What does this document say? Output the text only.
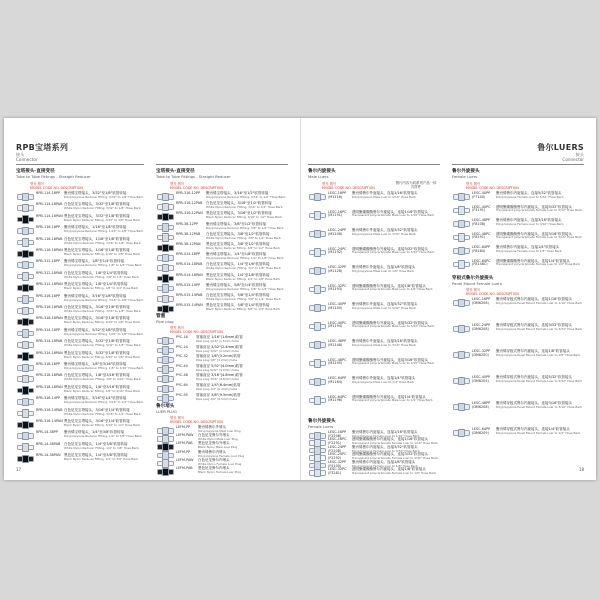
RPB宝塔系列
接头
Connector
宝塔接头-直接变径
Tube to Tube Fittings - Straight Reducer
型号 图号
MODEL CODE NO. DESCRIPTION
RPB-114-18PP	聚丙烯宝塔接头，3/32"至1/8"软管转接
Polypropylene Reducer Fitting, 3/32" to 1/8" Hose Barb
RPB-114-18PAB 白色尼龙宝塔接头，3/32"至1/8"软管转接
White Nylon Reducer Fitting, 3/32" to 1/8" Hose Barb
RPB-114-18PAN 黑色尼龙宝塔接头，3/32"至1/8"软管转接
Black Nylon Reducer Fitting, 3/32" to 1/8" Hose Barb
RPB-116-18PP	聚丙烯宝塔接头，1/16"至1/8"软管转接
Polypropylene Reducer Fitting, 1/16" to 1/8" Hose Barb
RPB-116-18PAB 白色尼龙宝塔接头，1/16"至1/8"软管转接
White Nylon Reducer Fitting, 1/16" to 1/8" Hose Barb
RPB-116-18PAN 黑色尼龙宝塔接头，1/16"至1/8"软管转接
Black Nylon Reducer Fitting, 1/16" to 1/8" Hose Barb
RPB-312-18PP	聚丙烯宝塔接头，1/8"至1/4"软管转接
Polypropylene Reducer Fitting, 1/8" to 1/4" Hose Barb
RPB-312-18PAB 白色尼龙宝塔接头，1/8"至1/4"软管转接
White Nylon Reducer Fitting, 1/8" to 1/4" Hose Barb
RPB-312-18PAN 黑色尼龙宝塔接头，1/8"至1/4"软管转接
Black Nylon Reducer Fitting, 1/8" to 1/4" Hose Barb
RPB-316-18PP	聚丙烯宝塔接头，3/16"至1/8"软管转接
Polypropylene Reducer Fitting, 3/16" to 1/8" Hose Barb
RPB-316-18PAB 白色尼龙宝塔接头，3/16"至1/8"软管转接
White Nylon Reducer Fitting, 3/16" to 1/8" Hose Barb
RPB-316-18PAN 黑色尼龙宝塔接头，3/16"至1/8"软管转接
Black Nylon Reducer Fitting, 3/16" to 1/8" Hose Barb
RPB-314-18PP	聚丙烯宝塔接头，5/32"至1/8"软管转接
Polypropylene Reducer Fitting, 5/32" to 1/8" Hose Barb
RPB-314-18PAB 白色尼龙宝塔接头，5/32"至1/8"软管转接
White Nylon Reducer Fitting, 5/32" to 1/8" Hose Barb
RPB-314-18PAN 黑色尼龙宝塔接头，5/32"至1/8"软管转接
Black Nylon Reducer Fitting, 5/32" to 1/8" Hose Barb
RPB-318-18PP	聚丙烯宝塔接头，1/8"至3/16"软管转接
Polypropylene Reducer Fitting, 1/8" to 3/16" Hose Barb
RPB-318-18PAB 白色尼龙宝塔接头，1/8"至3/16"软管转接
White Nylon Reducer Fitting, 1/8" to 3/16" Hose Barb
RPB-318-18PAN 黑色尼龙宝塔接头，1/8"至3/16"软管转接
Black Nylon Reducer Fitting, 1/8" to 3/16" Hose Barb
RPB-316-14PP	聚丙烯宝塔接头，3/16"至1/4"软管转接
Polypropylene Reducer Fitting, 3/16" to 1/4" Hose Barb
RPB-316-14PAB 白色尼龙宝塔接头，3/16"至1/4"软管转接
White Nylon Reducer Fitting, 3/16" to 1/4" Hose Barb
RPB-316-14PAN 黑色尼龙宝塔接头，3/16"至1/4"软管转接
Black Nylon Reducer Fitting, 3/16" to 1/4" Hose Barb
RPB-14-38PP	聚丙烯宝塔接头，1/4"至3/8"软管转接
Polypropylene Reducer Fitting, 1/4" to 3/8" Hose Barb
RPB-14-38PAB	白色尼龙宝塔接头，1/4"至3/8"软管转接
White Nylon Reducer Fitting, 1/4" to 3/8" Hose Barb
RPB-14-38PAN	黑色尼龙宝塔接头，1/4"至3/8"软管转接
Black Nylon Reducer Fitting, 1/4" to 3/8" Hose Barb
宝塔接头-直接变径
Tube to Tube Fittings - Straight Reducer
型号 图号
MODEL CODE NO. DESCRIPTION
RPB-316-12PP	聚丙烯宝塔接头，3/16"至1/2"软管转接
Polypropylene Reducer Fitting, 3/16" to 1/2" Hose Barb
RPB-316-12PAB	白色尼龙宝塔接头，3/16"至1/2"软管转接
White Nylon Reducer Fitting, 3/16" to 1/2" Hose Barb
RPB-316-12PAN 黑色尼龙宝塔接头，3/16"至1/2"软管转接
Black Nylon Reducer Fitting, 3/16" to 1/2" Hose Barb
RPB-38-12PP	聚丙烯宝塔接头，3/8"至1/2"软管转接
Polypropylene Reducer Fitting, 3/8" to 1/2" Hose Barb
RPB-38-12PAB	白色尼龙宝塔接头，3/8"至1/2"软管转接
White Nylon Reducer Fitting, 3/8" to 1/2" Hose Barb
RPB-38-12PAN	黑色尼龙宝塔接头，3/8"至1/2"软管转接
Black Nylon Reducer Fitting, 3/8" to 1/2" Hose Barb
RPB-014-18PP	聚丙烯宝塔接头，1/4"至1/8"软管转接
Polypropylene Reducer Fitting, 1/4" to 1/8" Hose Barb
RPB-014-18PAB	白色尼龙宝塔接头，1/4"至1/8"软管转接
White Nylon Reducer Fitting, 1/4" to 1/8" Hose Barb
RPB-014-18PAN 黑色尼龙宝塔接头，1/4"至1/8"软管转接
Black Nylon Reducer Fitting, 1/4" to 1/8" Hose Barb
RPB-015-14PP	聚丙烯宝塔接头，5/8"至1/4"软管转接
Polypropylene Reducer Fitting, 5/8" to 1/4" Hose Barb
RPB-015-14PAB	白色尼龙宝塔接头，5/8"至1/4"软管转接
White Nylon Reducer Fitting, 5/8" to 1/4" Hose Barb
RPB-015-14PAN 黑色尼龙宝塔接头，5/8"至1/4"软管转接
Black Nylon Reducer Fitting, 5/8" to 1/4" Hose Barb
管塞
Pipe plug
型号 图号
MODEL CODE NO. DESCRIPTION
PYC-16	管塞直径 1/16"(1.6mm)软管
Pipe plug 1/16" (1.6mm) tube
PYC-24	管塞直径 3/32"(2.4mm)软管
Pipe plug 3/32" (2.4mm) tube
PYC-32	管塞直径 1/8"(3.2mm)软管
Pipe plug 1/8" (3.2mm) tube
PYC-40	管塞直径 5/32"(4.0mm)软管
Pipe plug 5/32" (4.0mm) tube
PYC-48	管塞直径 3/16"(4.8mm)软管
Pipe plug 3/16" (4.8mm) tube
PYC-64	管塞直径 1/4"(6.4mm)软管
Pipe plug 1/4" (6.4mm) tube
PYC-95	管塞直径 3/8"(9.5mm)软管
Pipe plug 3/8" (9.5mm) tube
鲁尔堵头
LUER PLUG
型号 图号
MODEL CODE NO. DESCRIPTION
LEFM-PP	聚丙烯鲁尔外堵头
Polypropylene Male Luer Plug
LEFM-PAW	白色尼龙鲁尔外堵头
White Nylon Male Luer Plug
LEFM-PAB	黑色尼龙鲁尔外堵头
Black Nylon Male Luer Plug
LEFM-PP	聚丙烯鲁尔内堵头
Polypropylene Female Luer Plug
LEFM-PAW	白色尼龙鲁尔内堵头
White Nylon Female Luer Plug
LEFM-PAB	黑色尼龙鲁尔内堵头
Black Nylon Female Luer Plug
17
鲁尔LUERS
接头
Connector
鲁尔内旋接头
Male Luers
型号 图号
MODEL CODE NO. DESCRIPTION
图片内容为同系列产品一体式样件
LESC-16PP
(M1116)
聚丙烯鲁尔外旋接头，连接1/16"软管接头
Polypropylene Male Luer to 1/16" Hose Barb
LESC-16PC
(M1191)
透明聚碳酸酯鲁尔外旋接头，连接1/16"软管接头
Transparent polycarbonate Male Luer to 1/16" Hose Barb
LESC-24PP
(M1108)
聚丙烯鲁尔外旋接头，连接3/32"软管接头
Polypropylene Male Luer to 3/32" Hose Barb
LESC-24PC
(M1192)
透明聚碳酸酯鲁尔外旋接头，连接3/32"软管接头
Transparent polycarbonate Male Luer to 3/32" Hose Barb
LESC-32PP
(M1128)
聚丙烯鲁尔外旋接头，连接1/8"软管接头
Polypropylene Male Luer to 1/8" Hose Barb
LESC-32PC
(M1193)
透明聚碳酸酯鲁尔外旋接头，连接1/8"软管接头
Transparent polycarbonate Male Luer to 1/8" Hose Barb
LESC-40PP
(M1140)
聚丙烯鲁尔外旋接头，连接5/32"软管接头
Polypropylene Male Luer to 5/32" Hose Barb
LESC-40PC
(M1194)
透明聚碳酸酯鲁尔外旋接头，连接5/32"软管接头
Transparent polycarbonate Male Luer to 5/32" Hose Barb
LESC-48PP
(M1148)
聚丙烯鲁尔外旋接头，连接3/16"软管接头
Polypropylene Male Luer to 3/16" Hose Barb
LESC-48PC
(M1195)
透明聚碳酸酯鲁尔外旋接头，连接3/16"软管接头
Transparent polycarbonate Male Luer to 3/16" Hose Barb
LESC-64PP
(M1164)
聚丙烯鲁尔外旋接头，连接1/4"软管接头
Polypropylene Male Luer to 1/4" Hose Barb
LESC-64PC
(M1196)
透明聚碳酸酯鲁尔外旋接头，连接1/4"软管接头
Transparent polycarbonate Male Luer to 1/4" Hose Barb
鲁尔外旋接头
Female Luers
LESC-16PP
(F2206)
聚丙烯鲁尔内旋接头，连接1/16"软管接头
Polypropylene Female Luer to 1/16" Hose Barb
LESC-16PC
(F2291)
透明聚碳酸酯鲁尔内旋接头，连接1/16"软管接头
Transparent polycarbonate Female Luer to 1/16" Hose Barb
LESC-24PP
(F2208)
聚丙烯鲁尔内旋接头，连接3/32"软管接头
Polypropylene Female Luer to 3/32" Hose Barb
LESC-24PC
(F2292)
透明聚碳酸酯鲁尔内旋接头，连接3/32"软管接头
Transparent polycarbonate Female Luer to 3/32" Hose Barb
LESC-32PP
(F4100)
聚丙烯鲁尔内旋接头，连接1/8"软管接头
Polypropylene Female Luer to 1/8" Hose Barb
LESC-32PC
(F3281)
透明聚碳酸酯鲁尔内旋接头，连接1/8"软管接头
Transparent polycarbonate Female Luer to 1/8" Hose Barb
鲁尔外旋接头
Female Luers
型号 图号
MODEL CODE NO. DESCRIPTION
LESC-40PP
(F7140)
聚丙烯鲁尔内旋接头，连接5/32"软管接头
Polypropylene Female Luer to 5/32" Hose Barb
LESC-40PC
(F3191)
透明聚碳酸酯鲁尔内旋接头，连接5/32"软管接头
Transparent polycarbonate Female Luer to 5/32" Hose Barb
LESC-48PP
(F8108)
聚丙烯鲁尔内旋接头，连接3/16"软管接头
Polypropylene Female Luer to 3/16" Hose Barb
LESC-48PC
(F8191)
透明聚碳酸酯鲁尔内旋接头，连接3/16"软管接头
Transparent polycarbonate Female Luer to 3/16" Hose Barb
LESC-64PP
(F8164)
聚丙烯鲁尔内旋接头，连接1/4"软管接头
Polypropylene Female Luer to 1/4" Hose Barb
LESC-64PC
(F8148C)
透明聚碳酸酯鲁尔内旋接头，连接1/4"软管接头
Transparent polycarbonate Female Luer to 1/4" Hose Barb
穿板式鲁尔外旋接头
Panel Mount Female Luers
型号 图号
MODEL CODE NO. DESCRIPTION
LESC-16PP
(DM6206)
聚丙烯穿板式鲁尔内旋接头，连接1/16"软管接头
Polypropylene Panel Mount Female Luer to 1/16" Hose Barb
LESC-24PP
(DM6208)
聚丙烯穿板式鲁尔内旋接头，连接3/32"软管接头
Polypropylene Panel Mount Female Luer to 3/32" Hose Barb
LESC-32PP
(DM6200)
聚丙烯穿板式鲁尔内旋接头，连接1/8"软管接头
Polypropylene Panel Mount Female Luer to 1/8" Hose Barb
LESC-40PP
(DM6205)
聚丙烯穿板式鲁尔内旋接头，连接5/32"软管接头
Polypropylene Panel Mount Female Luer to 5/32" Hose Barb
LESC-48PP
(DM6208)
聚丙烯穿板式鲁尔内旋接头，连接3/16"软管接头
Polypropylene Panel Mount Female Luer to 3/16" Hose Barb
LESC-64PP
(DM6209)
聚丙烯穿板式鲁尔内旋接头，连接1/4"软管接头
Polypropylene Panel Mount Female Luer to 1/4" Hose Barb
18
